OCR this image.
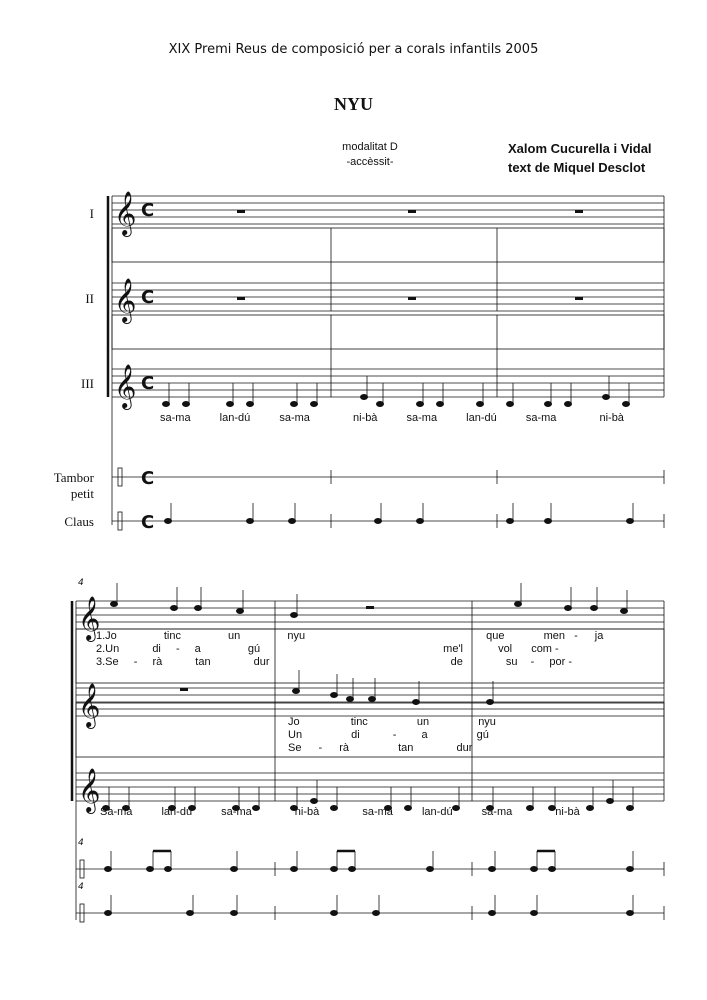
XIX Premi Reus de composició per a corals infantils 2005
NYU
modalitat D
-accèssit-
Xalom Cucurella i Vidal
text de Miquel Desclot
I
II
III
Tambor
petit
Claus
𝄞
𝄞
𝄞
𝄞
𝄞
𝄞
C
C
C
C
C
4
4
4
sa-ma	lan-dú	sa-ma	ni-bà	sa-ma	lan-dú	sa-ma	ni-bà
1.Jo	tinc	un	nyu	que	men - ja
2.Un	di - a	gú	me'l	vol com -
3.Se - rà	tan	dur	de	su - por -
Jo	tinc	un	nyu
Un	di	- a	gú
Se - rà	tan	dur
Sa-ma	lan-dú	sa-ma	ni-bà	sa-ma	lan-dú	sa-ma	ni-bà
